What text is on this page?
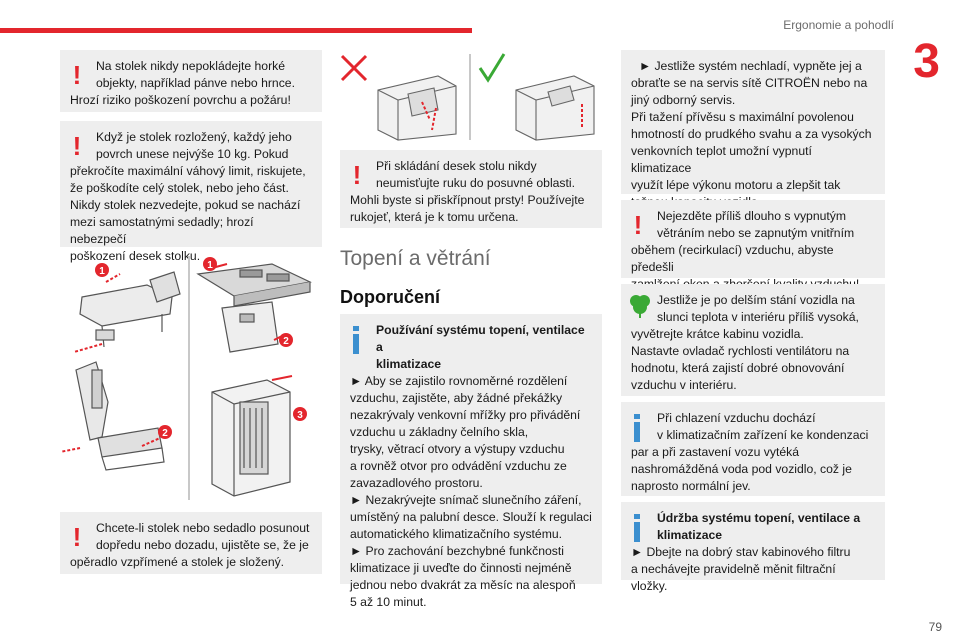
Ergonomie a pohodlí
3
!	Na stolek nikdy nepokládejte horké
objekty, například pánve nebo hrnce.
Hrozí riziko poškození povrchu a požáru!
!	Když je stolek rozložený, každý jeho
povrch unese nejvýše 10 kg. Pokud
překročíte maximální váhový limit, riskujete,
že poškodíte celý stolek, nebo jeho část.
Nikdy stolek nezvedejte, pokud se nachází
mezi samostatnými sedadly; hrozí nebezpečí
poškození desek stolku.
1
1
2
2
3
!	Chcete-li stolek nebo sedadlo posunout
dopředu nebo dozadu, ujistěte se, že je
opěradlo vzpřímené a stolek je složený.
!	Při skládání desek stolu nikdy
neumisťujte ruku do posuvné oblasti.
Mohli byste si přiskřípnout prsty! Používejte
rukojeť, která je k tomu určena.
Topení a větrání
Doporučení
Používání systému topení, ventilace a
klimatizace
► Aby se zajistilo rovnoměrné rozdělení
vzduchu, zajistěte, aby žádné překážky
nezakrývaly venkovní mřížky pro přivádění
vzduchu u základny čelního skla,
trysky, větrací otvory a výstupy vzduchu
a rovněž otvor pro odvádění vzduchu ze
zavazadlového prostoru.
► Nezakrývejte snímač slunečního záření,
umístěný na palubní desce. Slouží k regulaci
automatického klimatizačního systému.
► Pro zachování bezchybné funkčnosti
klimatizace ji uveďte do činnosti nejméně
jednou nebo dvakrát za měsíc na alespoň
5 až 10 minut.
► Jestliže systém nechladí, vypněte jej a
obraťte se na servis sítě CITROËN nebo na
jiný odborný servis.
Při tažení přívěsu s maximální povolenou
hmotností do prudkého svahu a za vysokých
venkovních teplot umožní vypnutí klimatizace
využít lépe výkonu motoru a zlepšit tak
!	Nejezděte příliš dlouho s vypnutým
větráním nebo se zapnutým vnitřním
oběhem (recirkulací) vzduchu, abyste předešli
Jestliže je po delším stání vozidla na
slunci teplota v interiéru příliš vysoká,
vyvětrejte krátce kabinu vozidla.
Nastavte ovladač rychlosti ventilátoru na
hodnotu, která zajistí dobré obnovování
vzduchu v interiéru.
Při chlazení vzduchu dochází
v klimatizačním zařízení ke kondenzaci
par a při zastavení vozu vytéká
nashromážděná voda pod vozidlo, což je
naprosto normální jev.
Údržba systému topení, ventilace a
klimatizace
► Dbejte na dobrý stav kabinového filtru
a nechávejte pravidelně měnit filtrační vložky.
79
